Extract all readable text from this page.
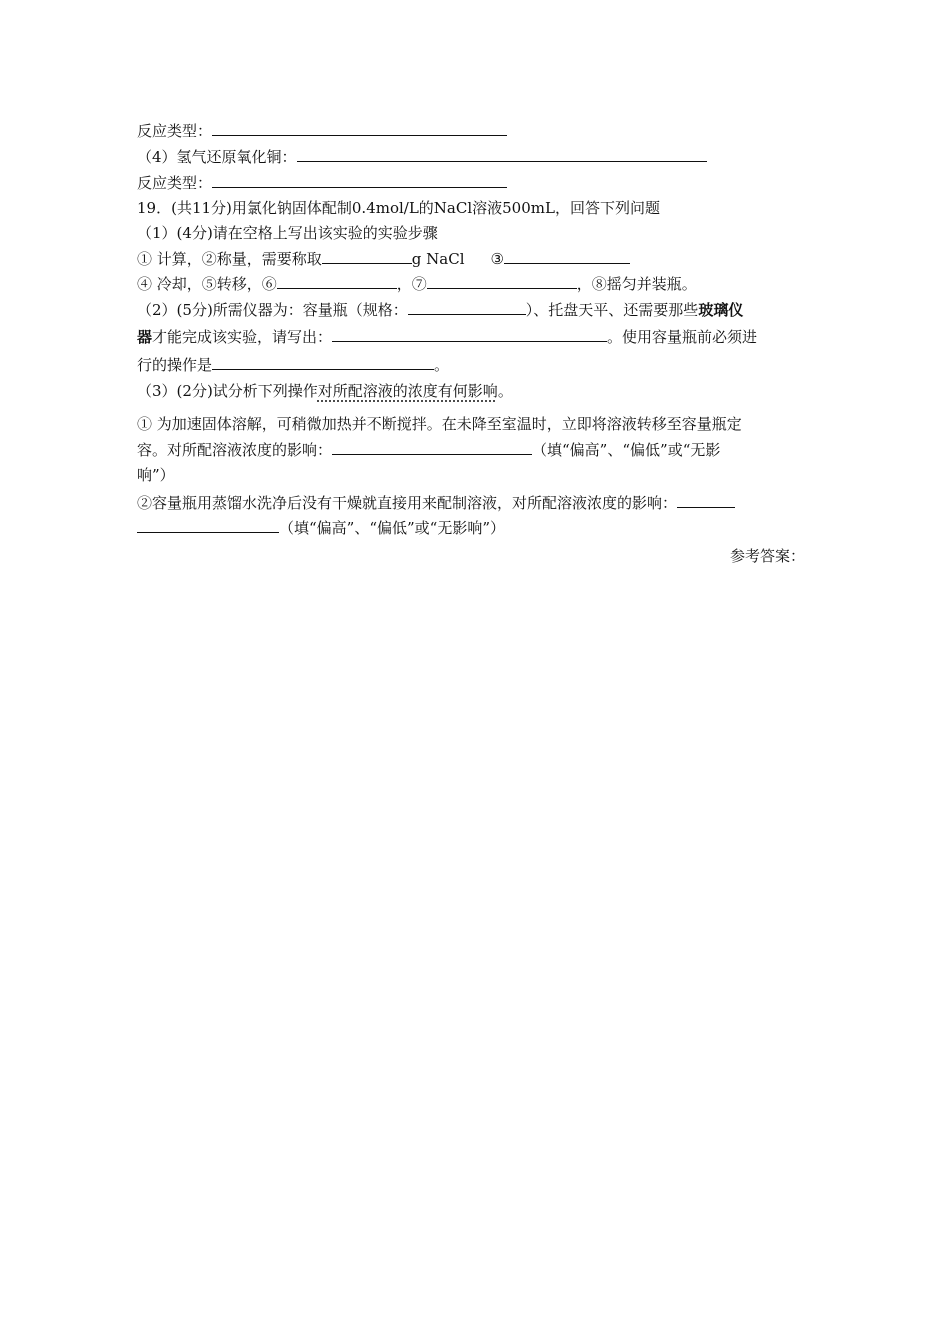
反应类型：
（4）氢气还原氧化铜：
反应类型：
19．(共11分)用氯化钠固体配制0.4mol/L的NaCl溶液500mL，回答下列问题
（1）(4分)请在空格上写出该实验的实验步骤
① 计算，②称量，需要称取	g NaCl ③
④ 冷却，⑤转移，⑥	，⑦	，⑧摇匀并装瓶。
（2）(5分)所需仪器为：容量瓶（规格：	）、托盘天平、还需要那些玻璃仪
器才能完成该实验，请写出：	。使用容量瓶前必须进
行的操作是	。
（3）(2分)试分析下列操作对所配溶液的浓度有何影响。
① 为加速固体溶解，可稍微加热并不断搅拌。在未降至室温时，立即将溶液转移至容量瓶定
容。对所配溶液浓度的影响：	（填“偏高”、“偏低”或“无影
响”）
②容量瓶用蒸馏水洗净后没有干燥就直接用来配制溶液，对所配溶液浓度的影响：
（填“偏高”、“偏低”或“无影响”）
参考答案：
